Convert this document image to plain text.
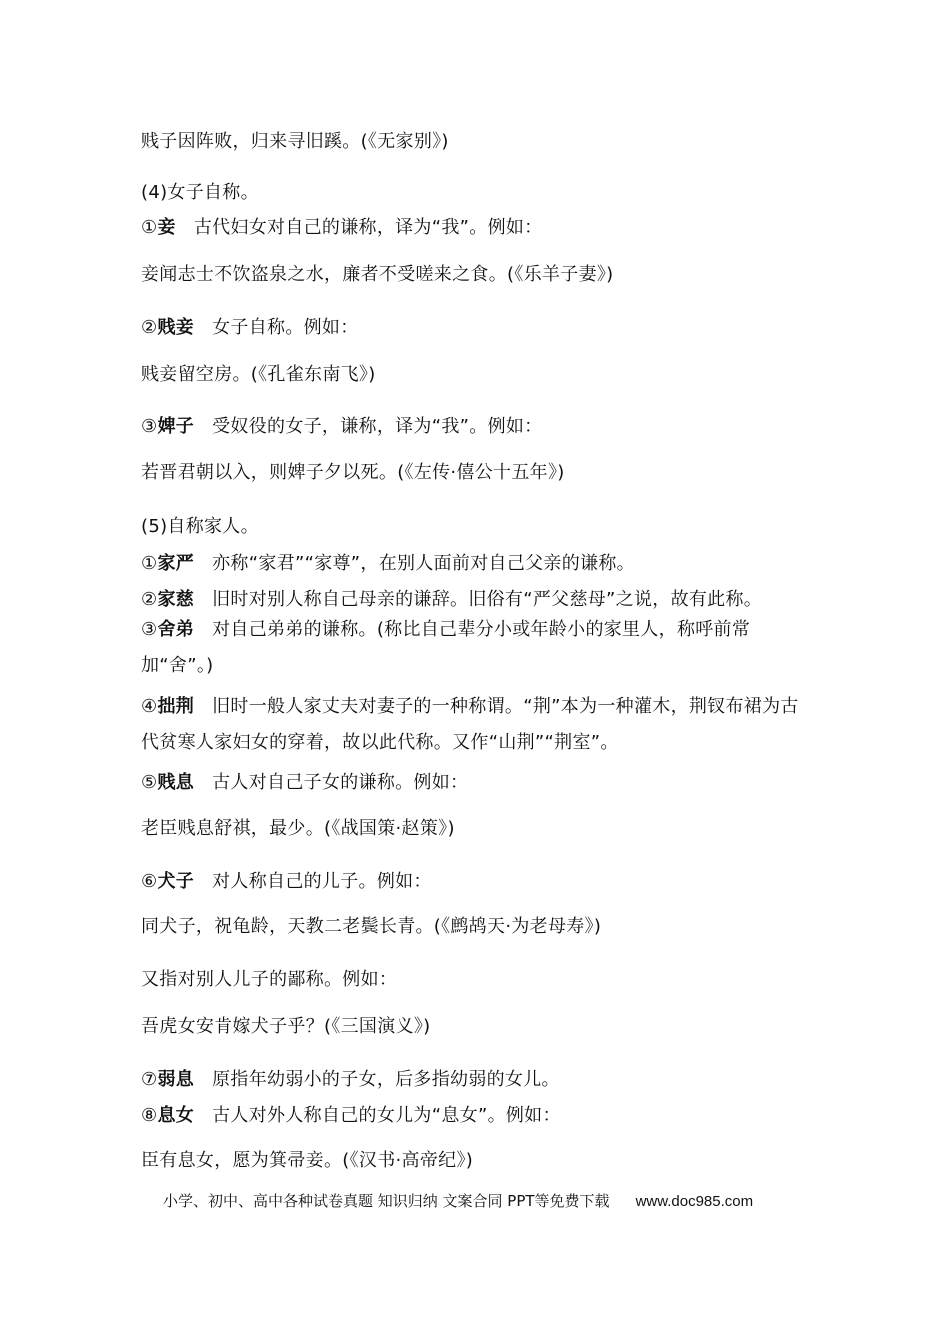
贱子因阵败，归来寻旧蹊。(《无家别》)
(4)女子自称。
①妾 古代妇女对自己的谦称，译为“我”。例如：
妾闻志士不饮盗泉之水，廉者不受嗟来之食。(《乐羊子妻》)
②贱妾 女子自称。例如：
贱妾留空房。(《孔雀东南飞》)
③婢子 受奴役的女子，谦称，译为“我”。例如：
若晋君朝以入，则婢子夕以死。(《左传·僖公十五年》)
(5)自称家人。
①家严 亦称“家君”“家尊”，在别人面前对自己父亲的谦称。
②家慈 旧时对别人称自己母亲的谦辞。旧俗有“严父慈母”之说，故有此称。
③舍弟 对自己弟弟的谦称。(称比自己辈分小或年龄小的家里人，称呼前常加“舍”。)
④拙荆 旧时一般人家丈夫对妻子的一种称谓。“荆”本为一种灌木，荆钗布裙为古代贫寒人家妇女的穿着，故以此代称。又作“山荆”“荆室”。
⑤贱息 古人对自己子女的谦称。例如：
老臣贱息舒祺，最少。(《战国策·赵策》)
⑥犬子 对人称自己的儿子。例如：
同犬子，祝龟龄，天教二老鬓长青。(《鹧鸪天·为老母寿》)
又指对别人儿子的鄙称。例如：
吾虎女安肯嫁犬子乎？(《三国演义》)
⑦弱息 原指年幼弱小的子女，后多指幼弱的女儿。
⑧息女 古人对外人称自己的女儿为“息女”。例如：
臣有息女，愿为箕帚妾。(《汉书·高帝纪》)
小学、初中、高中各种试卷真题 知识归纳 文案合同 PPT等免费下载 www.doc985.com
